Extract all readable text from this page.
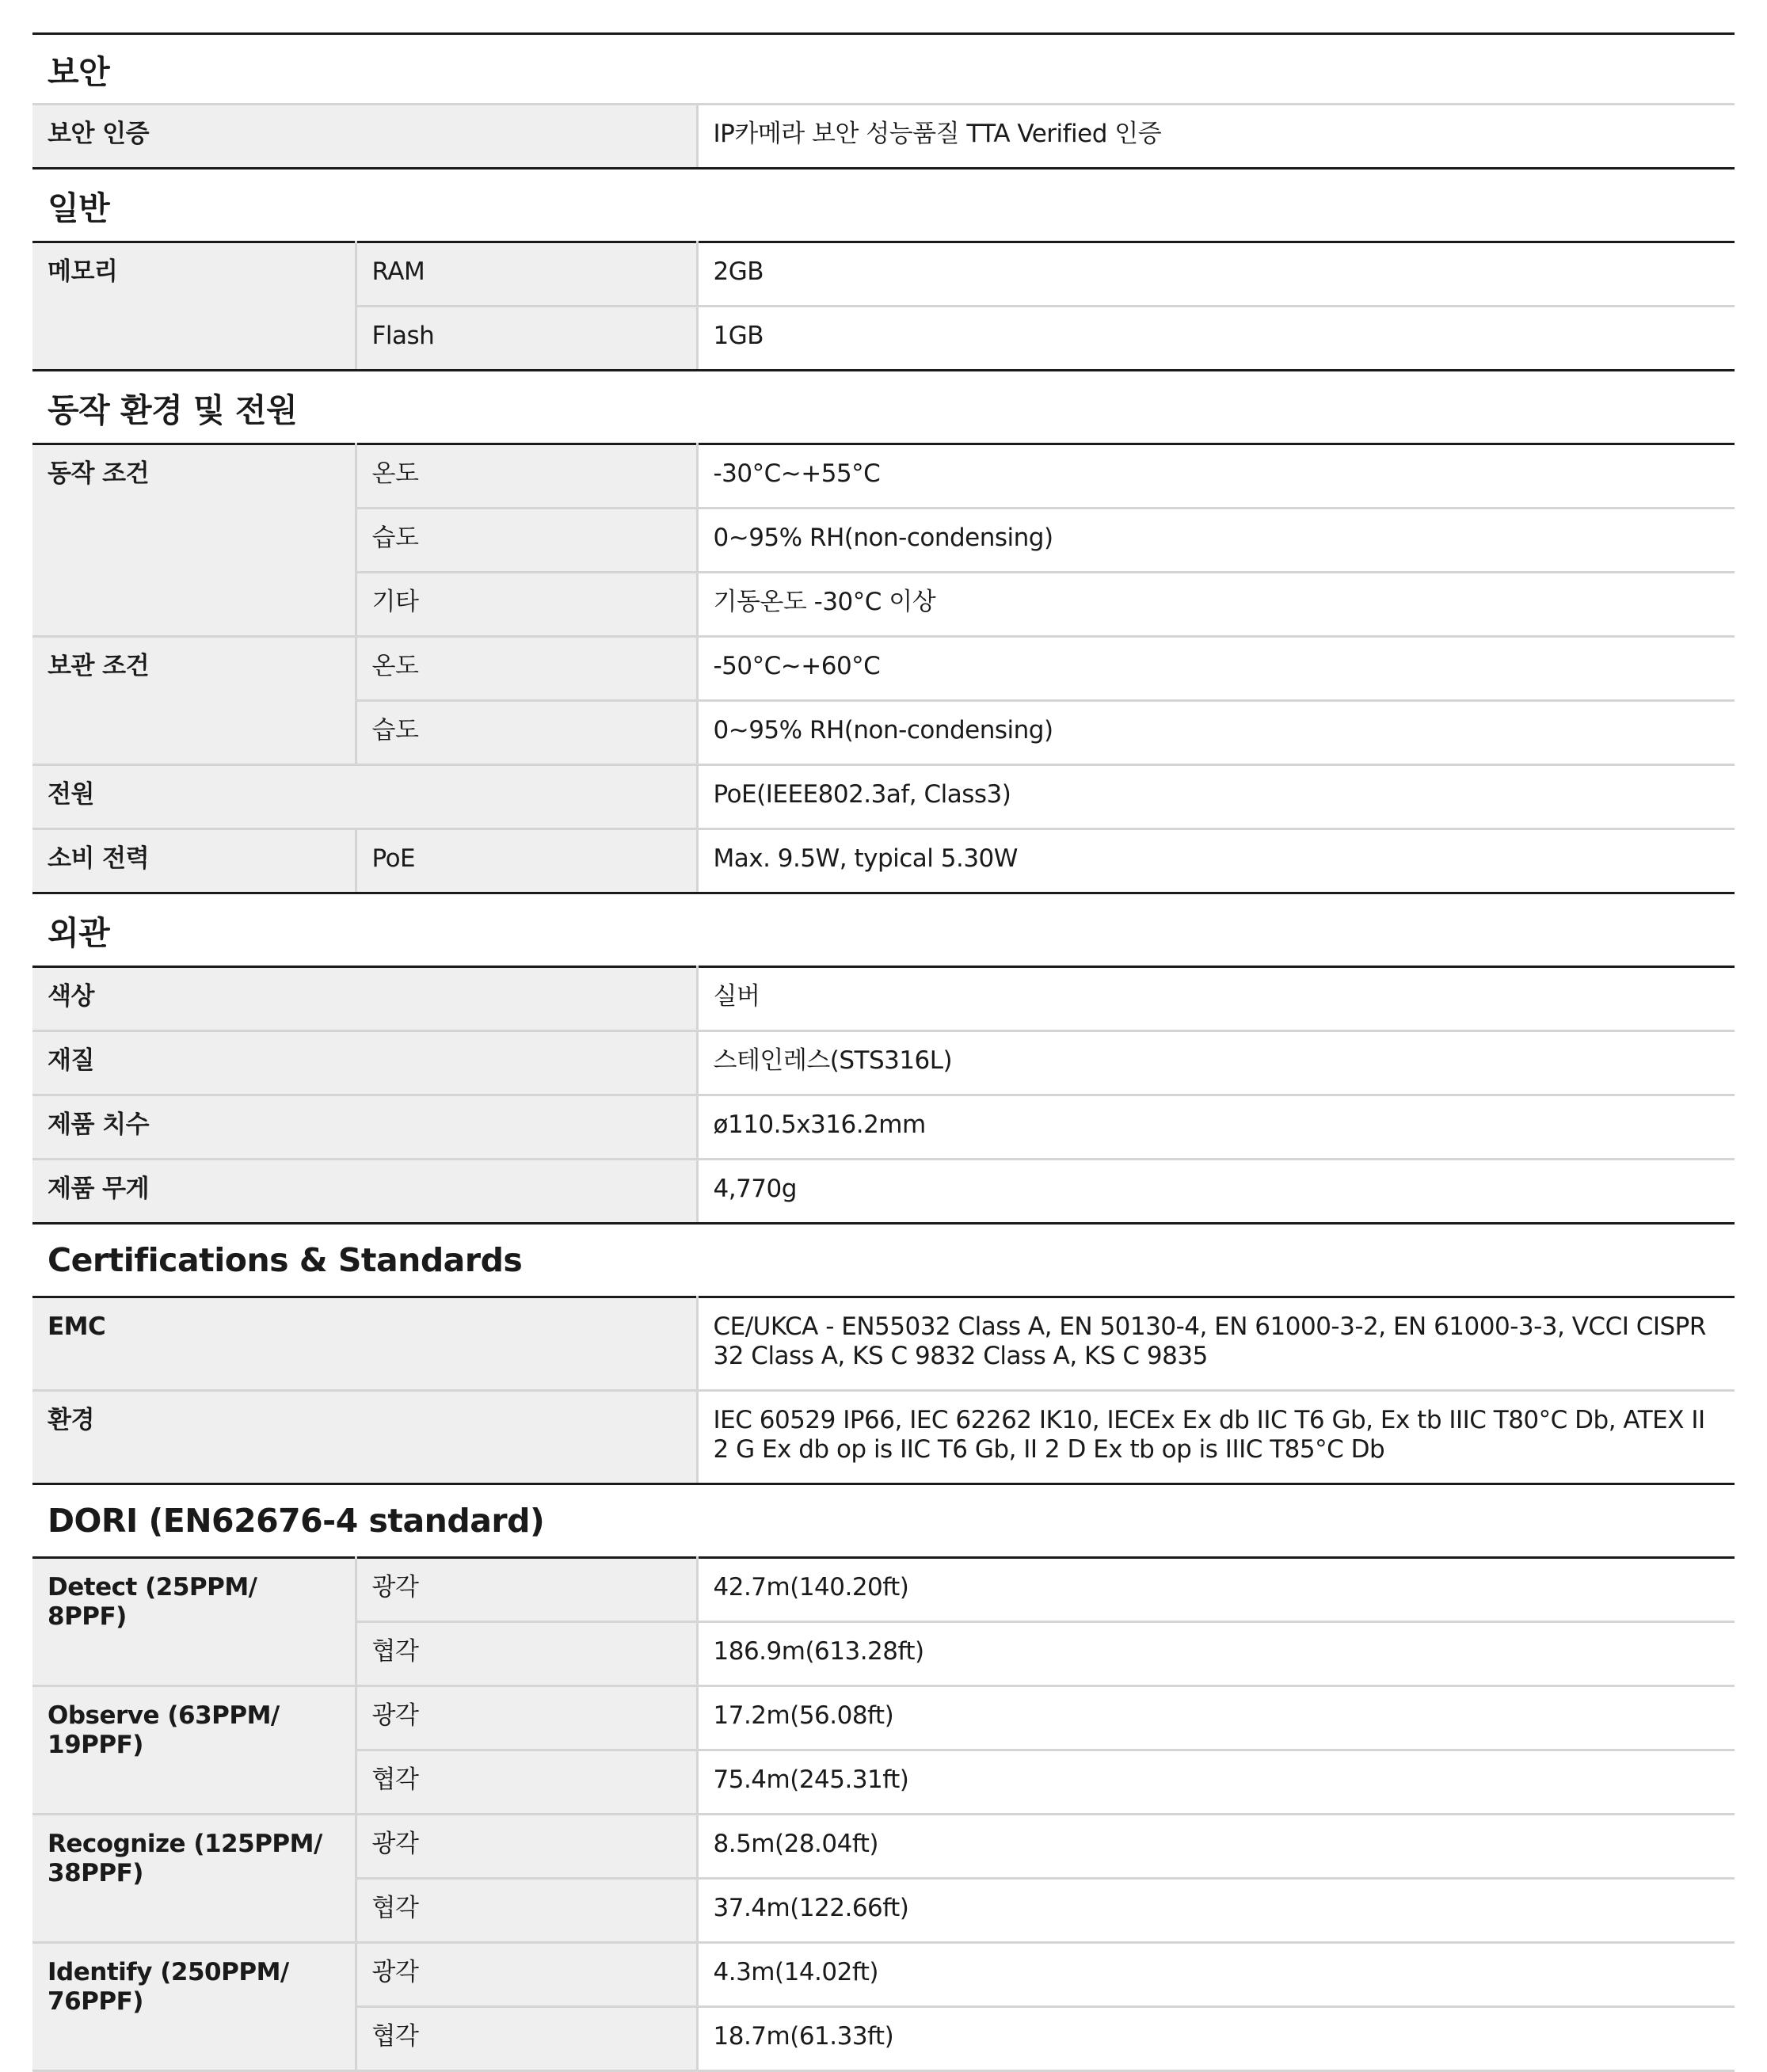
보안		
보안 인증		IP카메라 보안 성능품질 TTA Verified 인증
일반		
메모리	RAM	2GB
	Flash	1GB
동작 환경 및 전원		
동작 조건	온도	-30°C~+55°C
	습도	0~95% RH(non-condensing)
	기타	기동온도 -30°C 이상
보관 조건	온도	-50°C~+60°C
	습도	0~95% RH(non-condensing)
전원		PoE(IEEE802.3af, Class3)
소비 전력	PoE	Max. 9.5W, typical 5.30W
외관		
색상		실버
재질		스테인레스(STS316L)
제품 치수		ø110.5x316.2mm
제품 무게		4,770g
Certifications & Standards		
EMC		CE/UKCA - EN55032 Class A, EN 50130-4, EN 61000-3-2, EN 61000-3-3, VCCI CISPR 32 Class A, KS C 9832 Class A, KS C 9835
환경		IEC 60529 IP66, IEC 62262 IK10, IECEx Ex db IIC T6 Gb, Ex tb IIIC T80°C Db, ATEX II 2 G Ex db op is IIC T6 Gb, II 2 D Ex tb op is IIIC T85°C Db
DORI (EN62676-4 standard)		
Detect (25PPM/ 8PPF)	광각	42.7m(140.20ft)
	협각	186.9m(613.28ft)
Observe (63PPM/ 19PPF)	광각	17.2m(56.08ft)
	협각	75.4m(245.31ft)
Recognize (125PPM/ 38PPF)	광각	8.5m(28.04ft)
	협각	37.4m(122.66ft)
Identify (250PPM/ 76PPF)	광각	4.3m(14.02ft)
	협각	18.7m(61.33ft)
